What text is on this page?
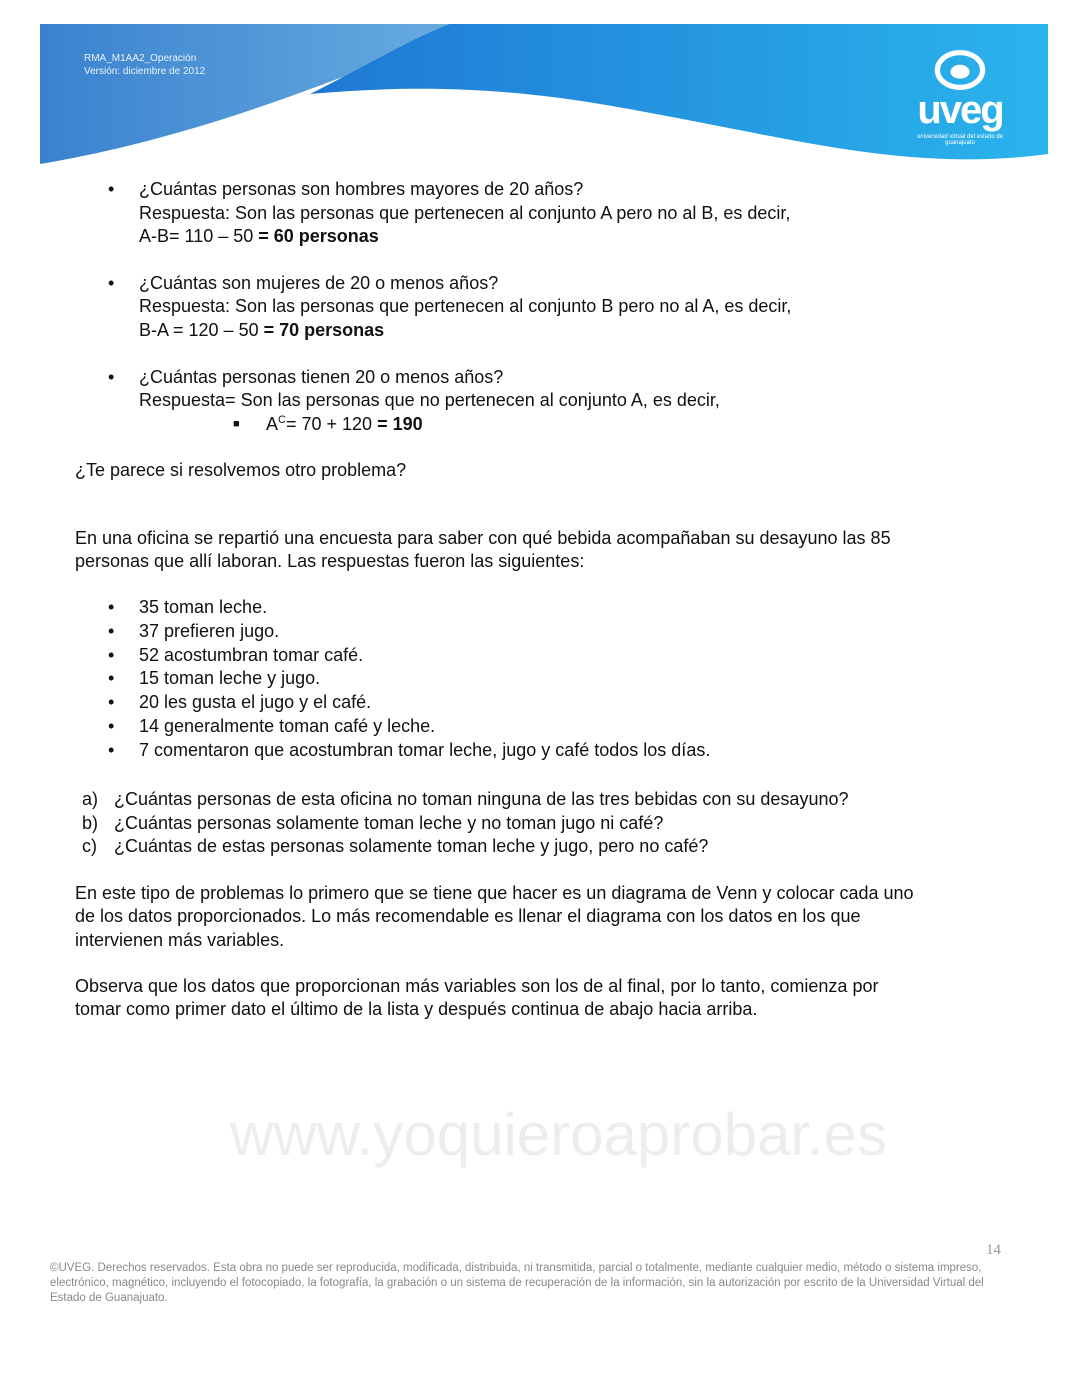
RMA_M1AA2_Operación
Versión: diciembre de 2012
uveg
universidad virtual del estado de guanajuato
www.yoquieroaprobar.es
• ¿Cuántas personas son hombres mayores de 20 años?
Respuesta: Son las personas que pertenecen al conjunto A pero no al B, es decir,
A-B= 110 – 50 = 60 personas
• ¿Cuántas son mujeres de 20 o menos años?
Respuesta: Son las personas que pertenecen al conjunto B pero no al A, es decir,
B-A = 120 – 50 = 70 personas
• ¿Cuántas personas tienen 20 o menos años?
Respuesta= Son las personas que no pertenecen al conjunto A, es decir,
■ $A^C= 70 + 120 = 190$
¿Te parece si resolvemos otro problema?
En una oficina se repartió una encuesta para saber con qué bebida acompañaban su desayuno las 85
personas que allí laboran. Las respuestas fueron las siguientes:
• 35 toman leche.
• 37 prefieren jugo.
• 52 acostumbran tomar café.
• 15 toman leche y jugo.
• 20 les gusta el jugo y el café.
• 14 generalmente toman café y leche.
• 7 comentaron que acostumbran tomar leche, jugo y café todos los días.
a) ¿Cuántas personas de esta oficina no toman ninguna de las tres bebidas con su desayuno?
b) ¿Cuántas personas solamente toman leche y no toman jugo ni café?
c) ¿Cuántas de estas personas solamente toman leche y jugo, pero no café?
En este tipo de problemas lo primero que se tiene que hacer es un diagrama de Venn y colocar cada uno
de los datos proporcionados. Lo más recomendable es llenar el diagrama con los datos en los que
intervienen más variables.
Observa que los datos que proporcionan más variables son los de al final, por lo tanto, comienza por
tomar como primer dato el último de la lista y después continua de abajo hacia arriba.
14
©UVEG. Derechos reservados. Esta obra no puede ser reproducida, modificada, distribuida, ni transmitida, parcial o totalmente, mediante cualquier medio, método o sistema impreso, electrónico, magnético, incluyendo el fotocopiado, la fotografía, la grabación o un sistema de recuperación de la información, sin la autorización por escrito de la Universidad Virtual del Estado de Guanajuato.
